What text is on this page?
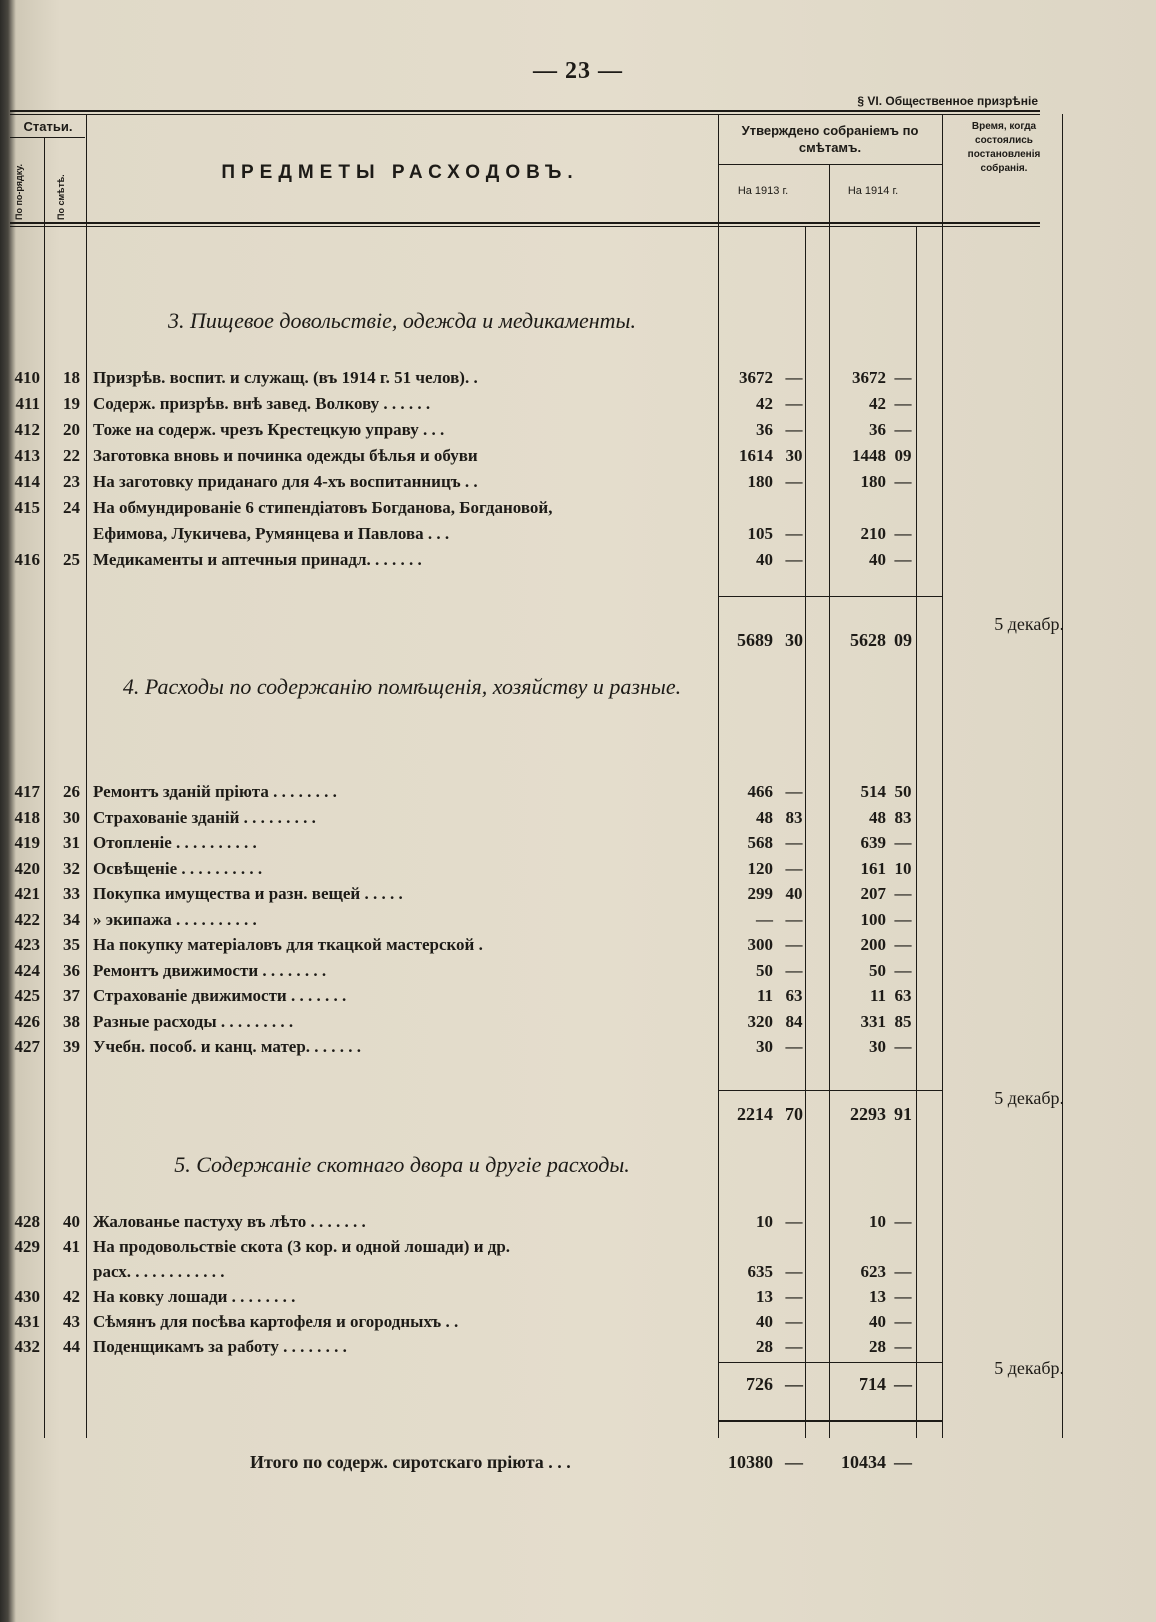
— 23 —
§ VI. Общественное призрѣніе
Статьи.
По по-рядку.	По смѣтѣ.
ПРЕДМЕТЫ РАСХОДОВЪ.
Утверждено собраніемъ по смѣтамъ.
На 1913 г.	На 1914 г.
Время, когда состоялись постановленія собранія.
3. Пищевое довольствіе, одежда и медикаменты.
410	18 Призрѣв. воспит. и служащ. (въ 1914 г. 51 челов). .	3672 —	3672 —
411	19 Содерж. призрѣв. внѣ завед. Волкову . . . . . .	42 —	42 —
412	20 Тоже на содерж. чрезъ Крестецкую управу . . .	36 —	36 —
413	22 Заготовка вновь и починка одежды бѣлья и обуви	1614 30	1448 09
414	23 На заготовку приданаго для 4-хъ воспитанницъ . .	180 —	180 —
415	24 На обмундированіе 6 стипендіатовъ Богданова, Богдановой,
Ефимова, Лукичева, Румянцева и Павлова . . .	105 —	210 —
416	25 Медикаменты и аптечныя принадл. . . . . . .	40 —	40 —
5689 30	5628 09
5 декабр.
4. Расходы по содержанію помѣщенія, хозяйству и разные.
417	26 Ремонтъ зданій пріюта . . . . . . . .	466 —	514 50
418	30 Страхованіе зданій . . . . . . . . .	48 83	48 83
419	31 Отопленіе . . . . . . . . . .	568 —	639 —
420	32 Освѣщеніе . . . . . . . . . .	120 —	161 10
421	33 Покупка имущества и разн. вещей . . . . .	299 40	207 —
422	34 » экипажа . . . . . . . . . .	— —	100 —
423	35 На покупку матеріаловъ для ткацкой мастерской .	300 —	200 —
424	36 Ремонтъ движимости . . . . . . . .	50 —	50 —
425	37 Страхованіе движимости . . . . . . .	11 63	11 63
426	38 Разные расходы . . . . . . . . .	320 84	331 85
427	39 Учебн. пособ. и канц. матер. . . . . . .	30 —	30 —
2214 70	2293 91
5 декабр.
5. Содержаніе скотнаго двора и другіе расходы.
428	40 Жалованье пастуху въ лѣто . . . . . . .	10 —	10 —
429	41 На продовольствіе скота (3 кор. и одной лошади) и др.
расх. . . . . . . . . . . .	635 —	623 —
430	42 На ковку лошади . . . . . . . .	13 —	13 —
431	43 Сѣмянъ для посѣва картофеля и огородныхъ . .	40 —	40 —
432	44 Поденщикамъ за работу . . . . . . . .	28 —	28 —
726 —	714 —
5 декабр.
Итого по содерж. сиротскаго пріюта . . .	10380 —	10434 —
